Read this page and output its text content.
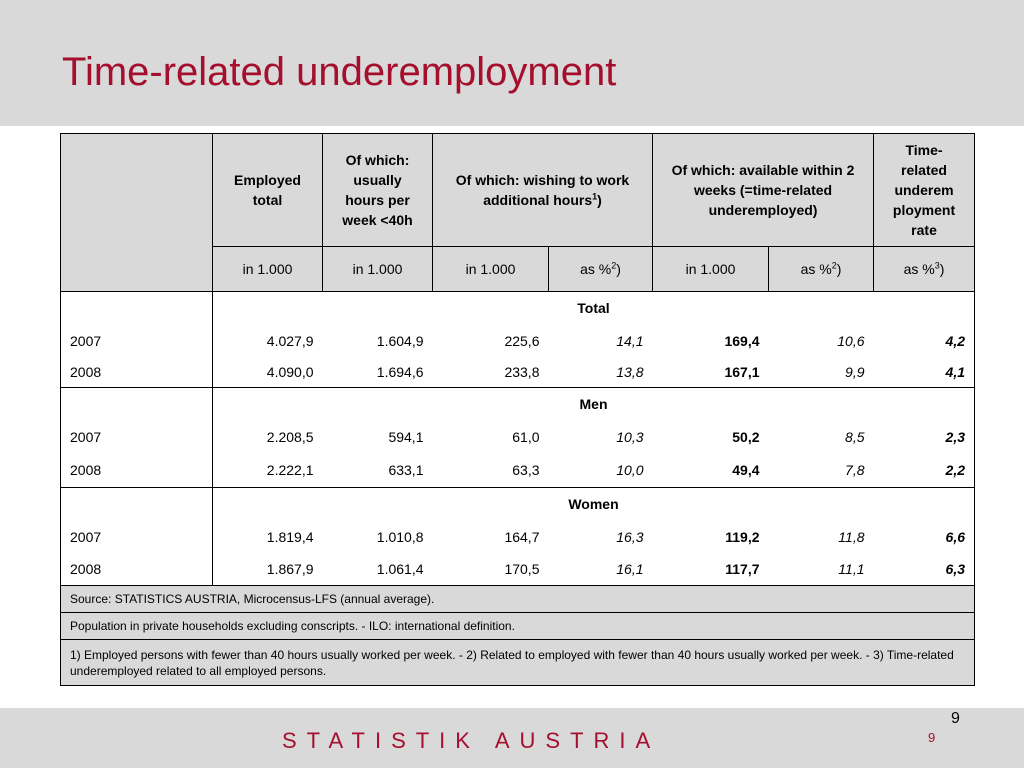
Time-related underemployment
	Employed total	Of which: usually hours per week <40h	Of which: wishing to work additional hours$^1$)		Of which: available within 2 weeks (=time-related underemployed)		Time-related underem ployment rate
	in 1.000	in 1.000	in 1.000	as %$^2$)	in 1.000	as %$^2$)	as %$^3$)
	Total						
2007	4.027,9	1.604,9	225,6	14,1	169,4	10,6	4,2
2008	4.090,0	1.694,6	233,8	13,8	167,1	9,9	4,1
	Men						
2007	2.208,5	594,1	61,0	10,3	50,2	8,5	2,3
2008	2.222,1	633,1	63,3	10,0	49,4	7,8	2,2
	Women						
2007	1.819,4	1.010,8	164,7	16,3	119,2	11,8	6,6
2008	1.867,9	1.061,4	170,5	16,1	117,7	11,1	6,3
Source: STATISTICS AUSTRIA, Microcensus-LFS (annual average).							
Population in private households excluding conscripts. - ILO: international definition.							
1) Employed persons with fewer than 40 hours usually worked per week. - 2) Related to employed with fewer than 40 hours usually worked per week. - 3) Time-related underemployed related to all employed persons.							
STATISTIK AUSTRIA
9
9
